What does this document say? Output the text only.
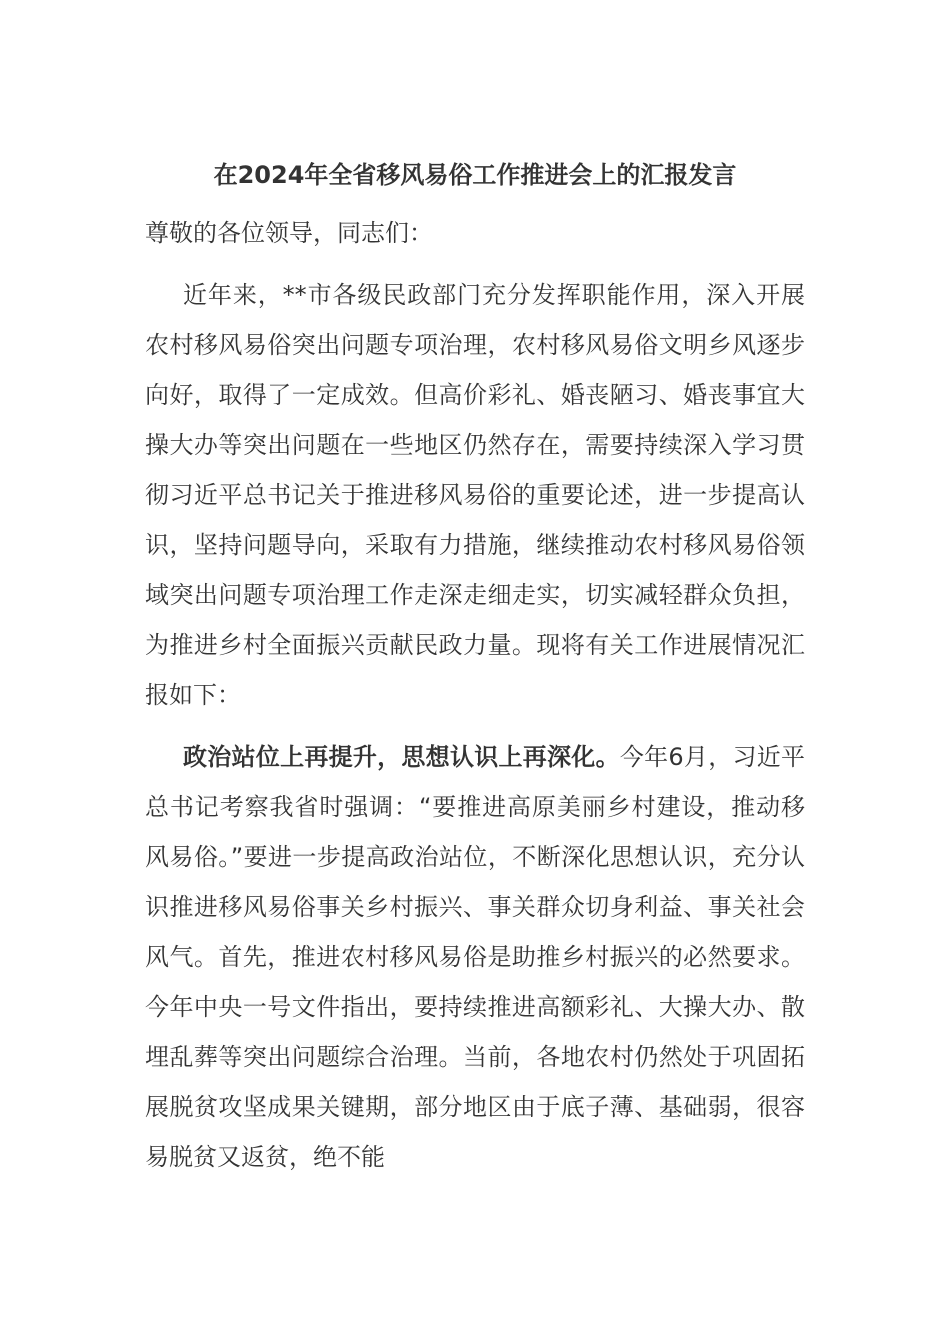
在2024年全省移风易俗工作推进会上的汇报发言

尊敬的各位领导，同志们：

近年来，**市各级民政部门充分发挥职能作用，深入开展农村移风易俗突出问题专项治理，农村移风易俗文明乡风逐步向好，取得了一定成效。但高价彩礼、婚丧陋习、婚丧事宜大操大办等突出问题在一些地区仍然存在，需要持续深入学习贯彻习近平总书记关于推进移风易俗的重要论述，进一步提高认识，坚持问题导向，采取有力措施，继续推动农村移风易俗领域突出问题专项治理工作走深走细走实，切实减轻群众负担，为推进乡村全面振兴贡献民政力量。现将有关工作进展情况汇报如下：

政治站位上再提升，思想认识上再深化。今年6月，习近平总书记考察我省时强调：“要推进高原美丽乡村建设，推动移风易俗。”要进一步提高政治站位，不断深化思想认识，充分认识推进移风易俗事关乡村振兴、事关群众切身利益、事关社会风气。首先，推进农村移风易俗是助推乡村振兴的必然要求。今年中央一号文件指出，要持续推进高额彩礼、大操大办、散埋乱葬等突出问题综合治理。当前，各地农村仍然处于巩固拓展脱贫攻坚成果关键期，部分地区由于底子薄、基础弱，很容易脱贫又返贫，绝不能
